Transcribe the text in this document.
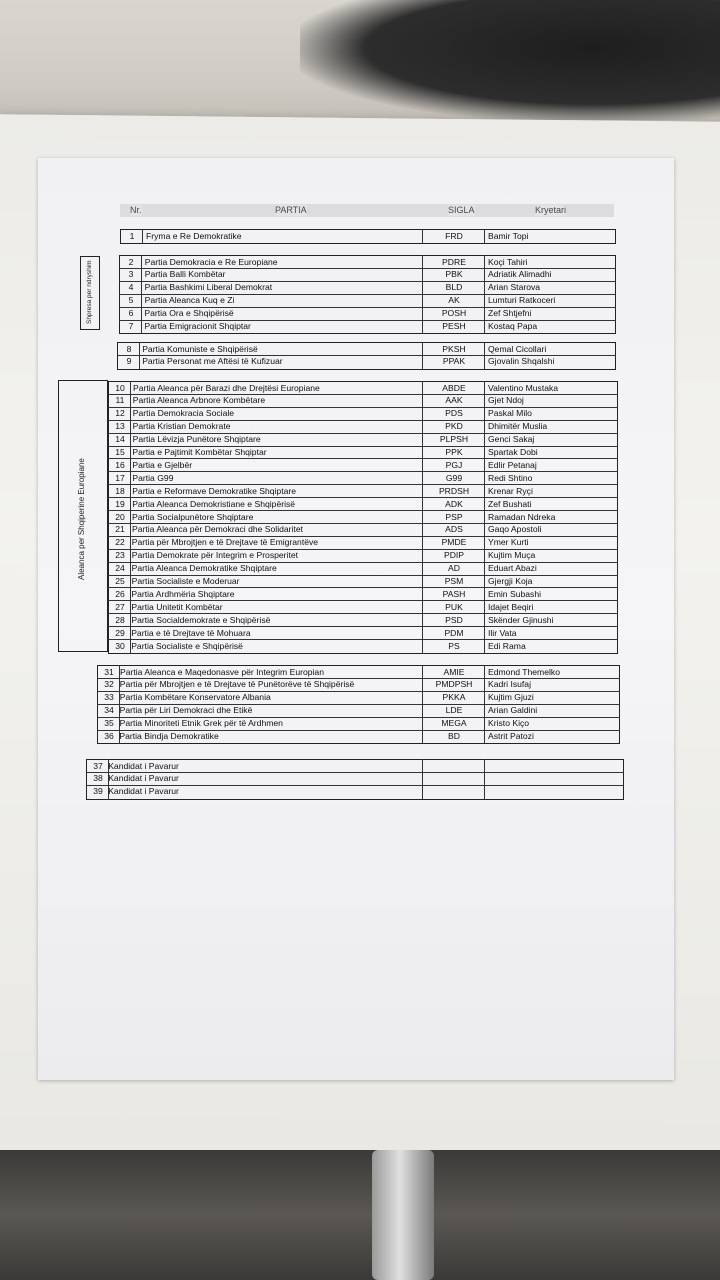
Nr.	PARTIA	SIGLA	Kryetari
Shpresa per ndryshim
Aleanca per Shqiperine Europiane
1	Fryma e Re Demokratike	FRD	Bamir Topi
2	Partia Demokracia e Re Europiane	PDRE	Koçi Tahiri
3	Partia Balli Kombëtar	PBK	Adriatik Alimadhi
4	Partia Bashkimi Liberal Demokrat	BLD	Arian Starova
5	Partia Aleanca Kuq e Zi	AK	Lumturi Ratkoceri
6	Partia Ora e Shqipërisë	POSH	Zef Shtjefni
7	Partia Emigracionit Shqiptar	PESH	Kostaq Papa
8	Partia Komuniste e Shqipërisë	PKSH	Qemal Cicollari
9	Partia Personat me Aftësi të Kufizuar	PPAK	Gjovalin Shqalshi
10 Partia Aleanca për Barazi dhe Drejtësi Europiane	ABDE	Valentino Mustaka
11 Partia Aleanca Arbnore Kombëtare	AAK	Gjet Ndoj
12 Partia Demokracia Sociale	PDS	Paskal Milo
13 Partia Kristian Demokrate	PKD	Dhimitër Muslia
14 Partia Lëvizja Punëtore Shqiptare	PLPSH	Genci Sakaj
15 Partia e Pajtimit Kombëtar Shqiptar	PPK	Spartak Dobi
16 Partia e Gjelbër	PGJ	Edlir Petanaj
17 Partia G99	G99	Redi Shtino
18 Partia e Reformave Demokratike Shqiptare	PRDSH	Krenar Ryçi
19 Partia Aleanca Demokristiane e Shqipërisë	ADK	Zef Bushati
20 Partia Socialpunëtore Shqiptare	PSP	Ramadan Ndreka
21 Partia Aleanca për Demokraci dhe Solidaritet	ADS	Gaqo Apostoli
22 Partia për Mbrojtjen e të Drejtave të Emigrantëve	PMDE	Ymer Kurti
23 Partia Demokrate për Integrim e Prosperitet	PDIP	Kujtim Muça
24 Partia Aleanca Demokratike Shqiptare	AD	Eduart Abazi
25 Partia Socialiste e Moderuar	PSM	Gjergji Koja
26 Partia Ardhmëria Shqiptare	PASH	Emin Subashi
27 Partia Unitetit Kombëtar	PUK	Idajet Beqiri
28 Partia Socialdemokrate e Shqipërisë	PSD	Skënder Gjinushi
29 Partia e të Drejtave të Mohuara	PDM	Ilir Vata
30 Partia Socialiste e Shqipërisë	PS	Edi Rama
31 Partia Aleanca e Maqedonasve për Integrim Europian	AMIE	Edmond Themelko
32 Partia për Mbrojtjen e të Drejtave të Punëtorëve të Shqipërisë	PMDPSH	Kadri Isufaj
33 Partia Kombëtare Konservatore Albania	PKKA	Kujtim Gjuzi
34 Partia për Liri Demokraci dhe Etikë	LDE	Arian Galdini
35 Partia Minoriteti Etnik Grek për të Ardhmen	MEGA	Kristo Kiço
36 Partia Bindja Demokratike	BD	Astrit Patozi
37 Kandidat i Pavarur
38 Kandidat i Pavarur
39 Kandidat i Pavarur
